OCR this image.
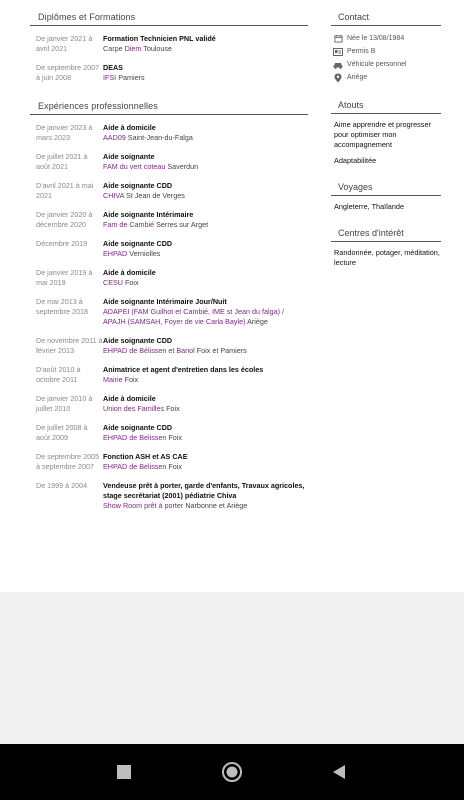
Diplômes et Formations
De janvier 2021 à avril 2021
Formation Technicien PNL validé
Carpe Diem Toulouse
De septembre 2007 à juin 2008
DEAS
IFSI Pamiers
Expériences professionnelles
De janvier 2023 à mars 2023
Aide à domicile
AAD09 Saint-Jean-du-Falga
De juillet 2021 à août 2021
Aide soignante
FAM du vert coteau Saverdun
D'avril 2021 à mai 2021
Aide soignante CDD
CHIVA St Jean de Verges
De janvier 2020 à décembre 2020
Aide soignante Intérimaire
Fam de Cambié Serres sur Arget
Décembre 2019	Aide soignante CDD
EHPAD Verniolles
De janvier 2019 à mai 2019
Aide à domicile
CESU Foix
De mai 2013 à septembre 2018
Aide soignante Intérimaire Jour/Nuit
ADAPEI (FAM Guilhot et Cambié, IME st Jean du falga) / APAJH (SAMSAH, Foyer de vie Carla Bayle) Ariège
De novembre 2011 à février 2013
Aide soignante CDD
EHPAD de Bélissen et Bariol Foix et Pamiers
D'août 2010 à octobre 2011
Animatrice et agent d'entretien dans les écoles
Mairie Foix
De janvier 2010 à juillet 2010
Aide à domicile
Union des Familles Foix
De juillet 2008 à août 2009
Aide soignante CDD
EHPAD de Belissen Foix
De septembre 2005 à septembre 2007
Fonction ASH et AS CAE
EHPAD de Belissen Foix
De 1999 à 2004	Vendeuse prêt à porter, garde d'enfants, Travaux agricoles, stage secrétariat (2001) pédiatrie Chiva
Show Room prêt à porter Narbonne et Ariège
Contact
Née le 13/08/1984
Permis B
Véhicule personnel
Ariège
Atouts
Aime apprendre et progresser pour optimiser mon accompagnement
Adaptabilitée
Voyages
Angleterre, Thaïlande
Centres d'intérêt
Randonnée, potager, méditation, lecture
